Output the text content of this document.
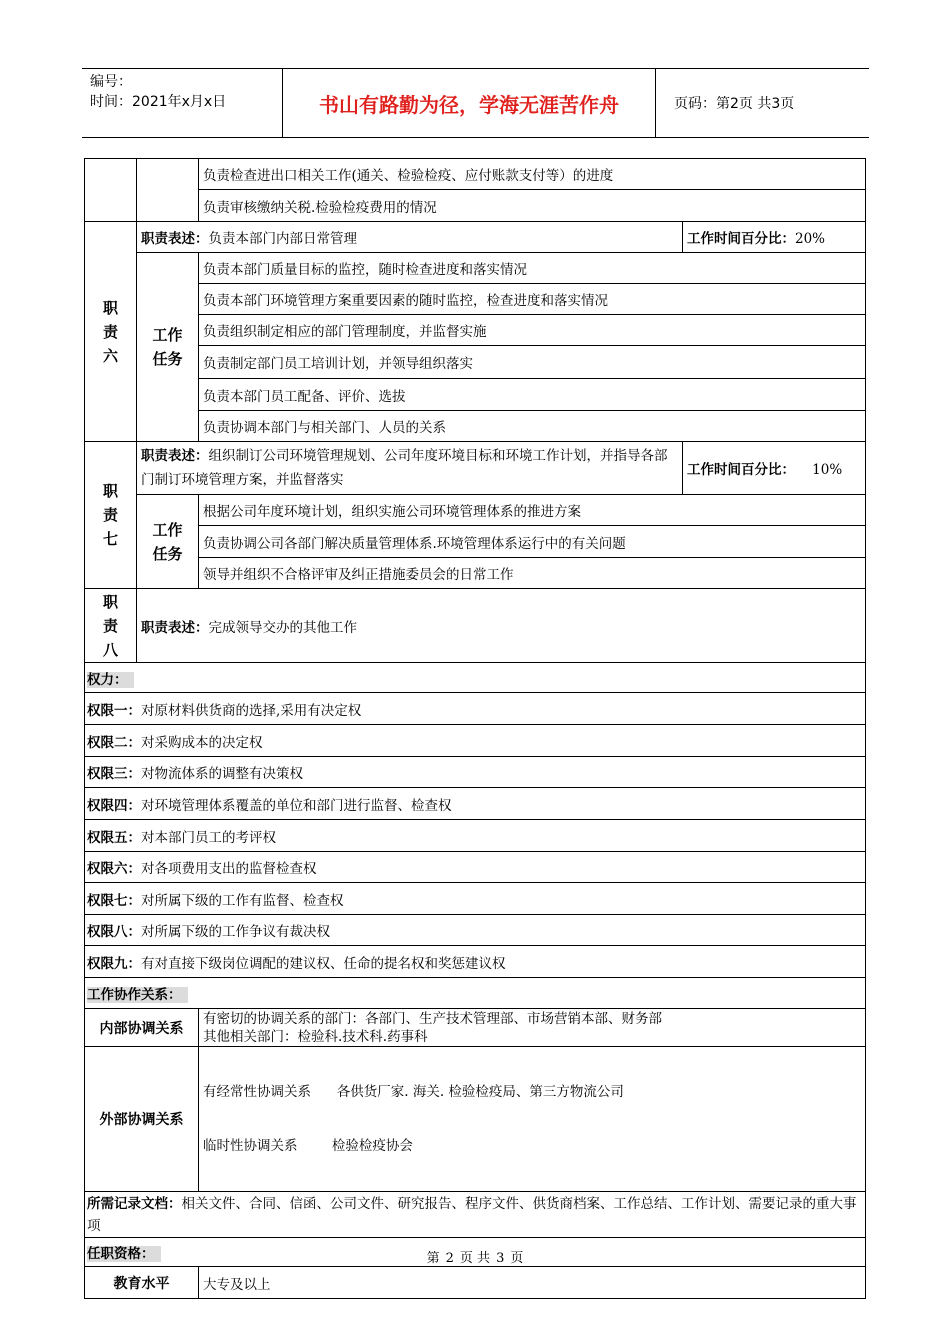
编号：
时间：2021年x月x日	书山有路勤为径，学海无涯苦作舟	页码：第2页 共3页
		负责检查进出口相关工作(通关、检验检疫、应付账款支付等）的进度	
		负责审核缴纳关税.检验检疫费用的情况	

职
责
六	职责表述：负责本部门内部日常管理		工作时间百分比：20%

	工作
任务	负责本部门质量目标的监控，随时检查进度和落实情况	
		负责本部门环境管理方案重要因素的随时监控，检查进度和落实情况	
		负责组织制定相应的部门管理制度，并监督实施	
		负责制定部门员工培训计划，并领导组织落实	
		负责本部门员工配备、评价、选拔	
		负责协调本部门与相关部门、人员的关系	

职
责
七	职责表述：组织制订公司环境管理规划、公司年度环境目标和环境工作计划，并指导各部门制订环境管理方案，并监督落实		工作时间百分比： 10%

	工作
任务	根据公司年度环境计划，组织实施公司环境管理体系的推进方案	
		负责协调公司各部门解决质量管理体系.环境管理体系运行中的有关问题	
		领导并组织不合格评审及纠正措施委员会的日常工作	

职
责
八	职责表述：完成领导交办的其他工作		
权力：			
权限一：对原材料供货商的选择,采用有决定权			
权限二：对采购成本的决定权			
权限三：对物流体系的调整有决策权			
权限四：对环境管理体系覆盖的单位和部门进行监督、检查权			
权限五：对本部门员工的考评权			
权限六：对各项费用支出的监督检查权			
权限七：对所属下级的工作有监督、检查权			
权限八：对所属下级的工作争议有裁决权			
权限九：有对直接下级岗位调配的建议权、任命的提名权和奖惩建议权			
工作协作关系：			
内部协调关系		有密切的协调关系的部门：各部门、生产技术管理部、市场营销本部、财务部
其他相关部门：检验科.技术科.药事科	

外部协调关系		有经常性协调关系      各供货厂家. 海关. 检验检疫局、第三方物流公司

临时性协调关系        检验检疫协会	

所需记录文档：相关文件、合同、信函、公司文件、研究报告、程序文件、供货商档案、工作总结、工作计划、需要记录的重大事项			
任职资格：			
教育水平		大专及以上	
第 2 页 共 3 页
